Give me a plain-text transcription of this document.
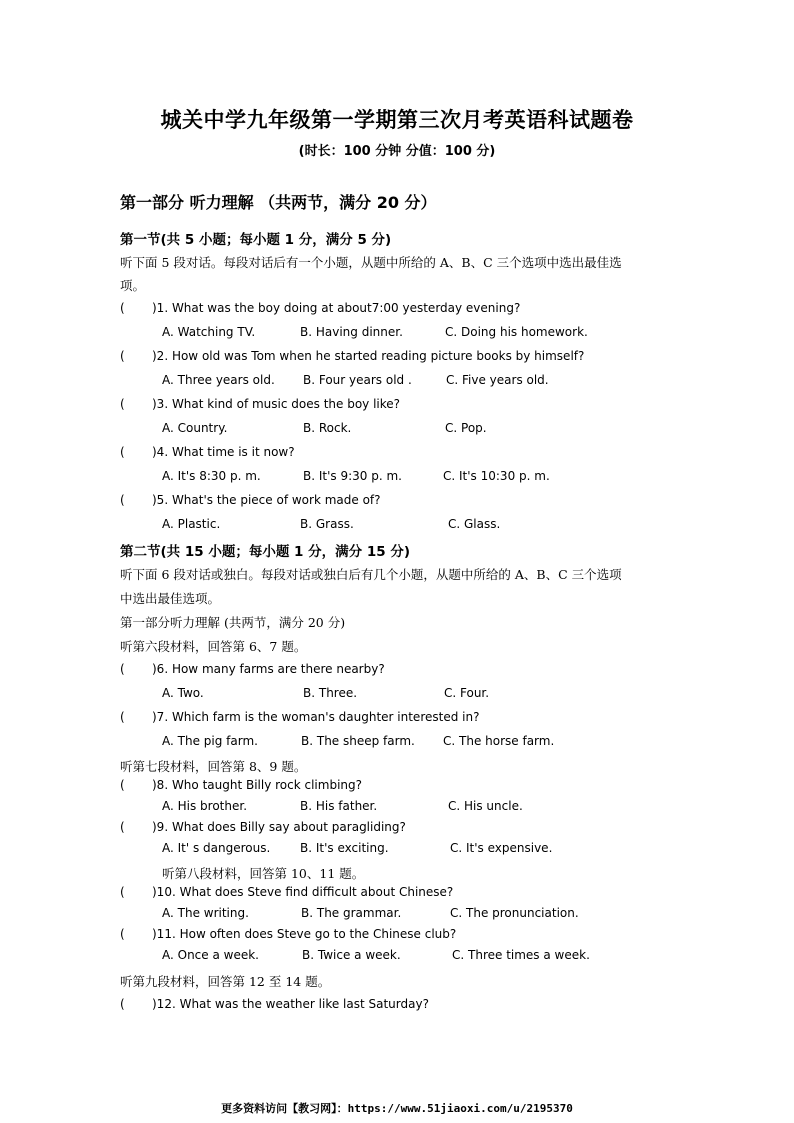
城关中学九年级第一学期第三次月考英语科试题卷
(时长：100 分钟 分值：100 分)
第一部分 听力理解 （共两节，满分 20 分）
第一节(共 5 小题；每小题 1 分，满分 5 分)
听下面 5 段对话。每段对话后有一个小题，从题中所给的 A、B、C 三个选项中选出最佳选
项。
( )1. What was the boy doing at about7:00 yesterday evening?
A. Watching TV.	B. Having dinner.	C. Doing his homework.
( )2. How old was Tom when he started reading picture books by himself?
A. Three years old. B. Four years old .	C. Five years old.
( )3. What kind of music does the boy like?
A. Country.	B. Rock.	C. Pop.
( )4. What time is it now?
A. It's 8:30 p. m.	B. It's 9:30 p. m.	C. It's 10:30 p. m.
( )5. What's the piece of work made of?
A. Plastic.	B. Grass.	C. Glass.
第二节(共 15 小题；每小题 1 分，满分 15 分)
听下面 6 段对话或独白。每段对话或独白后有几个小题，从题中所给的 A、B、C 三个选项
中选出最佳选项。
第一部分听力理解 (共两节，满分 20 分)
听第六段材料，回答第 6、7 题。
( )6. How many farms are there nearby?
A. Two.	B. Three.	C. Four.
( )7. Which farm is the woman's daughter interested in?
A. The pig farm.	B. The sheep farm. C. The horse farm.
听第七段材料，回答第 8、9 题。
( )8. Who taught Billy rock climbing?
A. His brother.	B. His father.	C. His uncle.
( )9. What does Billy say about paragliding?
A. It' s dangerous. B. It's exciting.	C. It's expensive.
听第八段材料，回答第 10、11 题。
( )10. What does Steve find difficult about Chinese?
A. The writing.	B. The grammar.	C. The pronunciation.
( )11. How often does Steve go to the Chinese club?
A. Once a week.	B. Twice a week.	C. Three times a week.
听第九段材料，回答第 12 至 14 题。
( )12. What was the weather like last Saturday?
更多资料访问【教习网】：https://www.51jiaoxi.com/u/2195370
